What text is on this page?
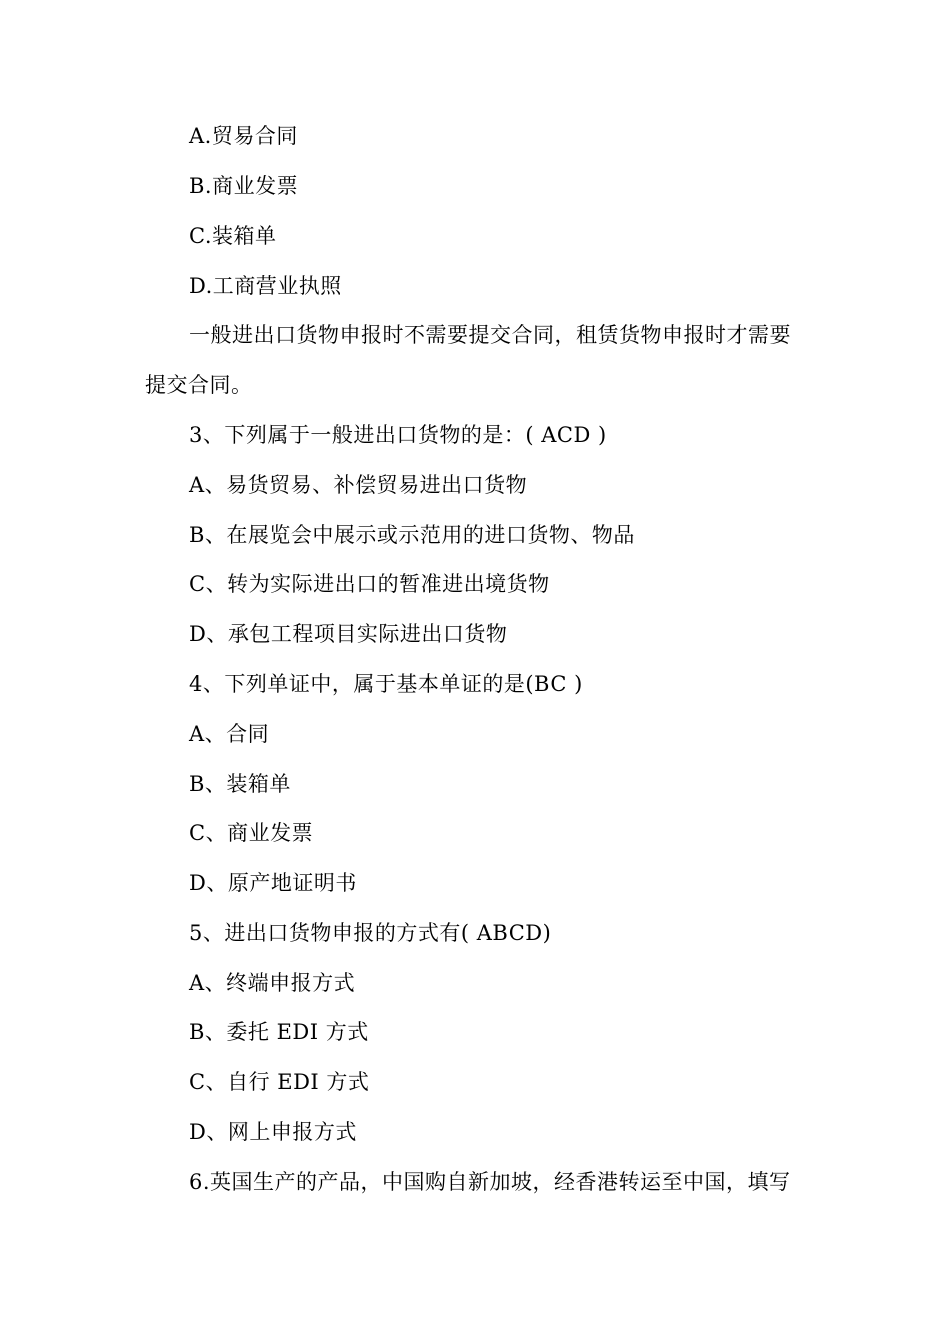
A.贸易合同
B.商业发票
C.装箱单
D.工商营业执照
一般进出口货物申报时不需要提交合同，租赁货物申报时才需要
提交合同。
3、下列属于一般进出口货物的是：( ACD )
A、易货贸易、补偿贸易进出口货物
B、在展览会中展示或示范用的进口货物、物品
C、转为实际进出口的暂准进出境货物
D、承包工程项目实际进出口货物
4、下列单证中，属于基本单证的是(BC )
A、合同
B、装箱单
C、商业发票
D、原产地证明书
5、进出口货物申报的方式有( ABCD)
A、终端申报方式
B、委托 EDI 方式
C、自行 EDI 方式
D、网上申报方式
6.英国生产的产品，中国购自新加坡，经香港转运至中国，填写
